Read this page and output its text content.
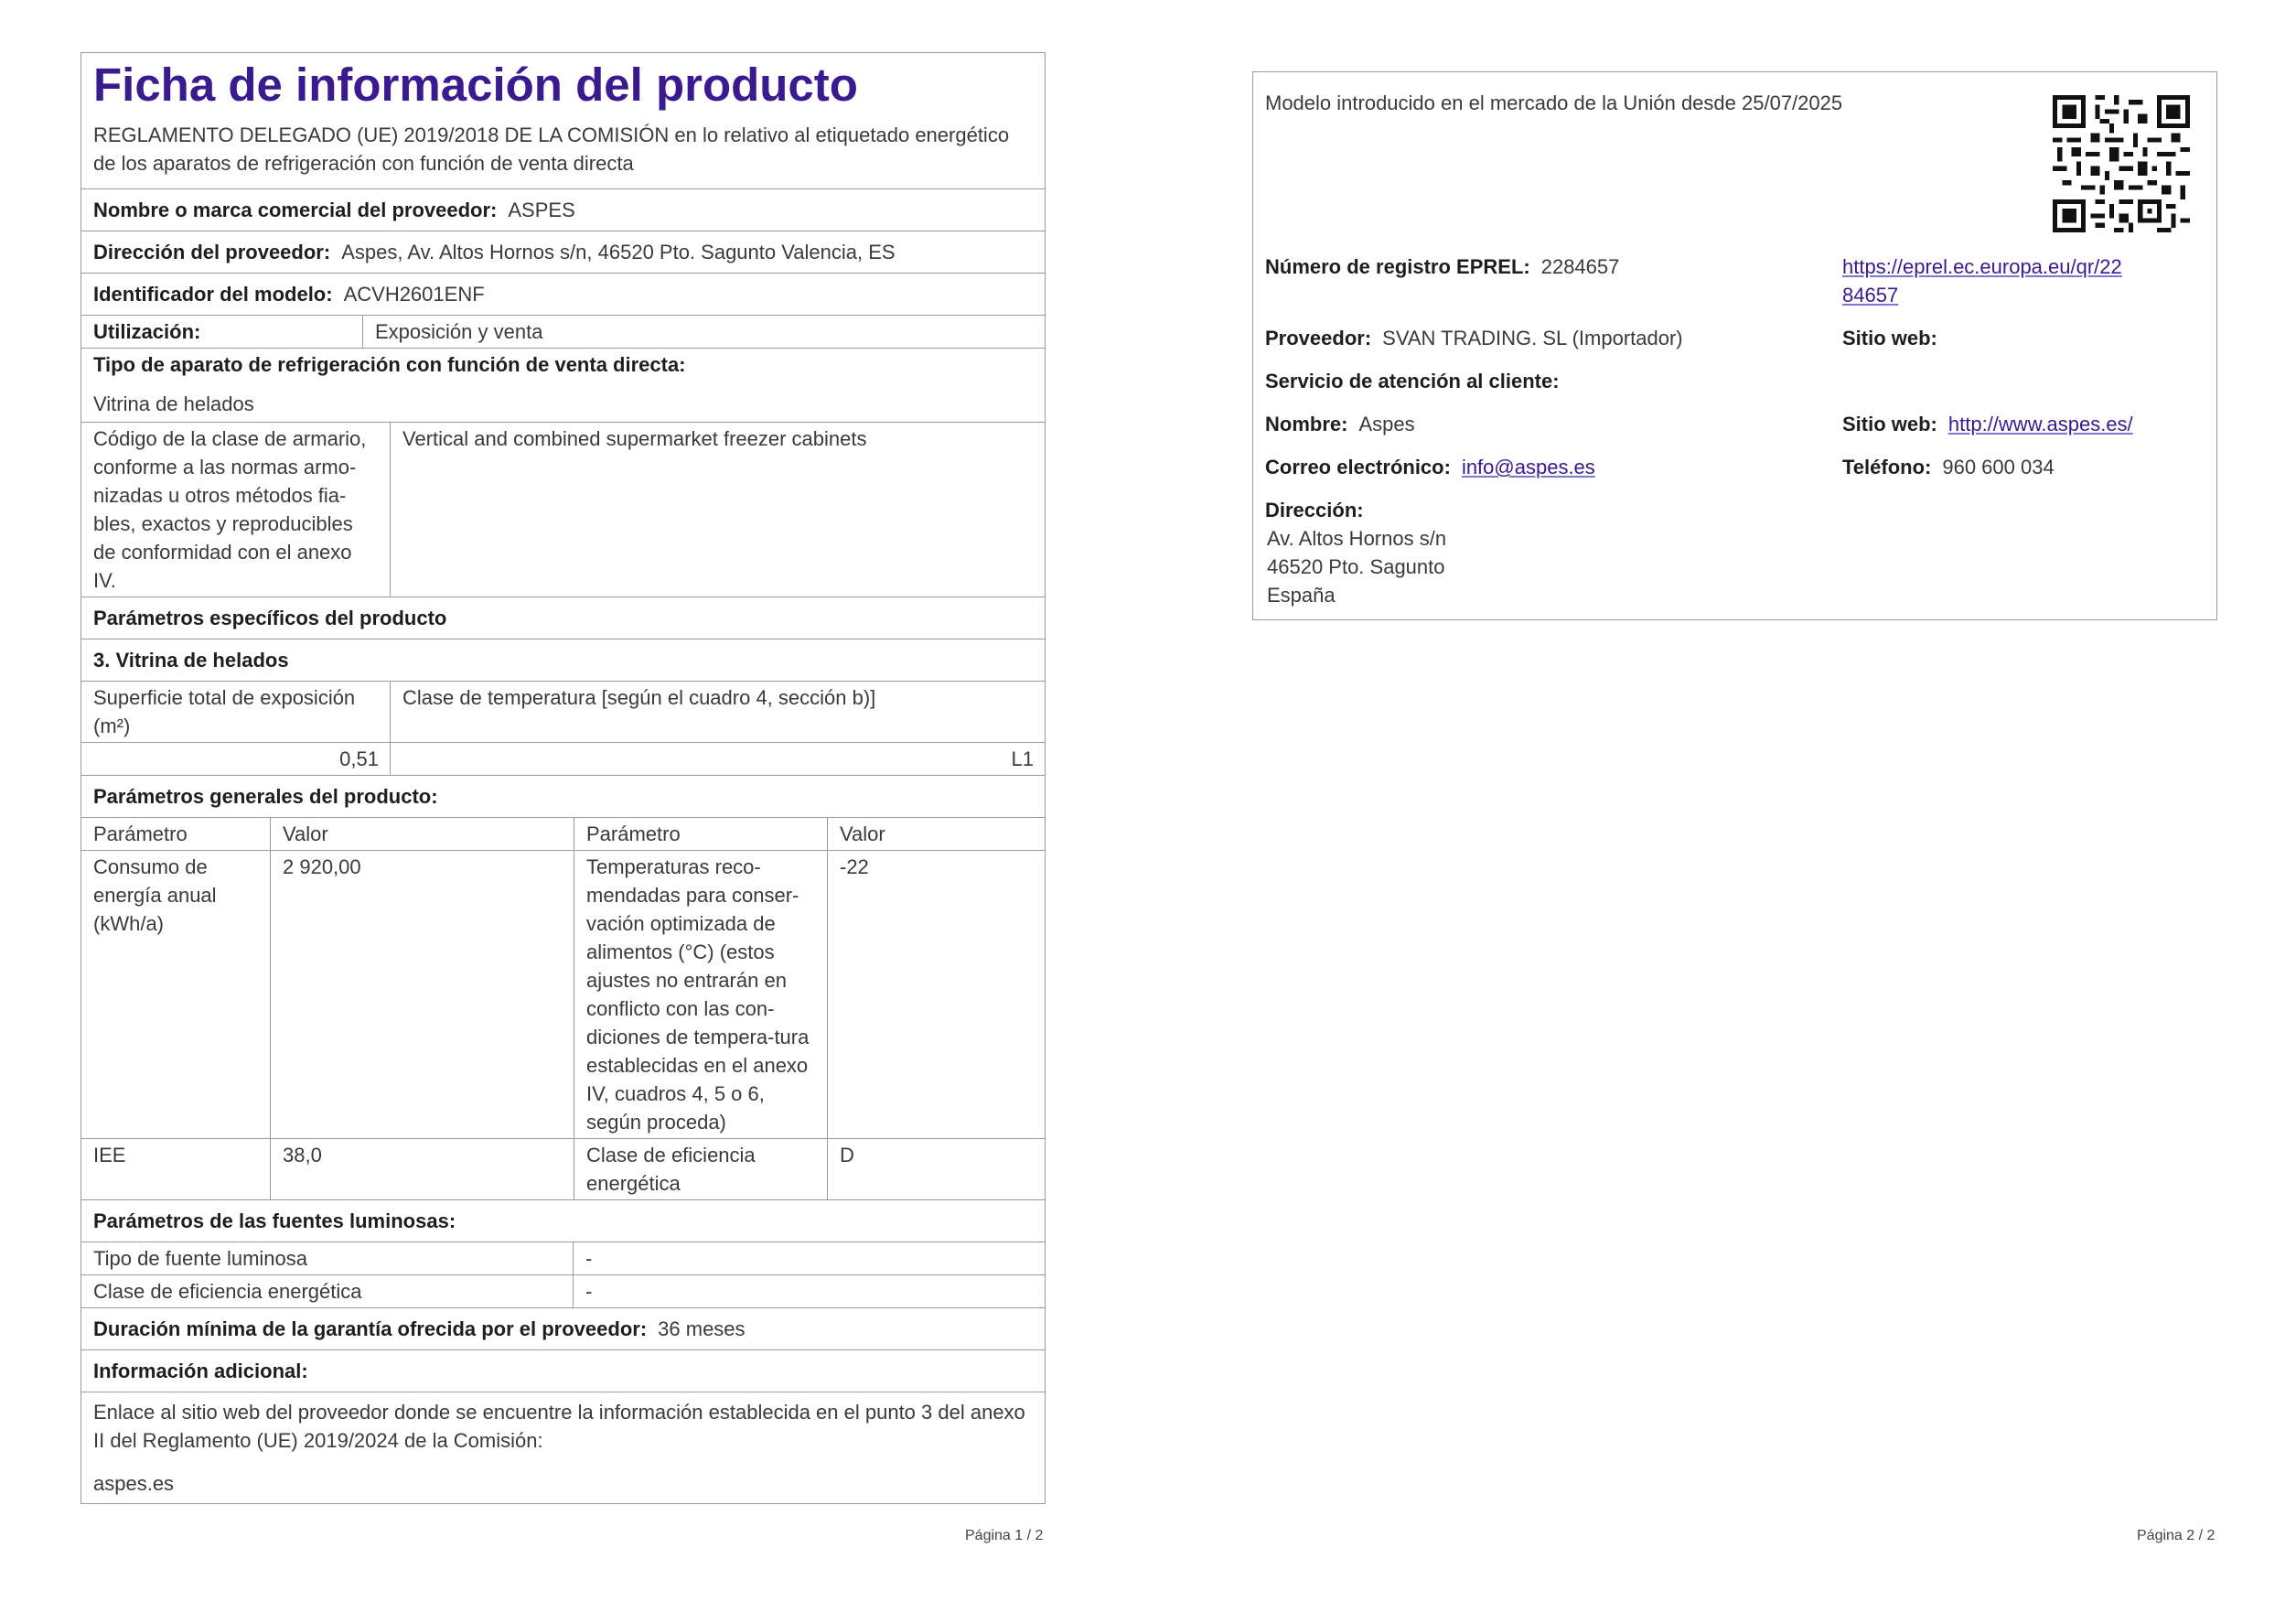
Ficha de información del producto
REGLAMENTO DELEGADO (UE) 2019/2018 DE LA COMISIÓN en lo relativo al etiquetado energético de los aparatos de refrigeración con función de venta directa
Nombre o marca comercial del proveedor: ASPES
Dirección del proveedor: Aspes, Av. Altos Hornos s/n, 46520 Pto. Sagunto Valencia, ES
Identificador del modelo: ACVH2601ENF
Utilización:	Exposición y venta
Tipo de aparato de refrigeración con función de venta directa:
Vitrina de helados
Código de la clase de armario, conforme a las normas armo-nizadas u otros métodos fia-bles, exactos y reproducibles de conformidad con el anexo IV.	Vertical and combined supermarket freezer cabinets
Parámetros específicos del producto
3. Vitrina de helados
Superficie total de exposición (m²)	Clase de temperatura [según el cuadro 4, sección b)]
0,51	L1
Parámetros generales del producto:
Parámetro	Valor	Parámetro	Valor
Consumo de energía anual (kWh/a)	2 920,00	Temperaturas reco-mendadas para conser-vación optimizada de alimentos (°C) (estos ajustes no entrarán en conflicto con las con-diciones de tempera-tura establecidas en el anexo IV, cuadros 4, 5 o 6, según proceda)	-22
IEE	38,0	Clase de eficiencia energética	D
Parámetros de las fuentes luminosas:
Tipo de fuente luminosa	-
Clase de eficiencia energética	-
Duración mínima de la garantía ofrecida por el proveedor: 36 meses
Información adicional:
Enlace al sitio web del proveedor donde se encuentre la información establecida en el punto 3 del anexo II del Reglamento (UE) 2019/2024 de la Comisión:
aspes.es
Página 1 / 2
Modelo introducido en el mercado de la Unión desde 25/07/2025
Número de registro EPREL: 2284657	https://eprel.ec.europa.eu/qr/22
84657
Proveedor: SVAN TRADING. SL (Importador)	Sitio web:
Servicio de atención al cliente:
Nombre: Aspes	Sitio web: http://www.aspes.es/
Correo electrónico: info@aspes.es	Teléfono: 960 600 034
Dirección:
Av. Altos Hornos s/n
46520 Pto. Sagunto
España
Página 2 / 2
